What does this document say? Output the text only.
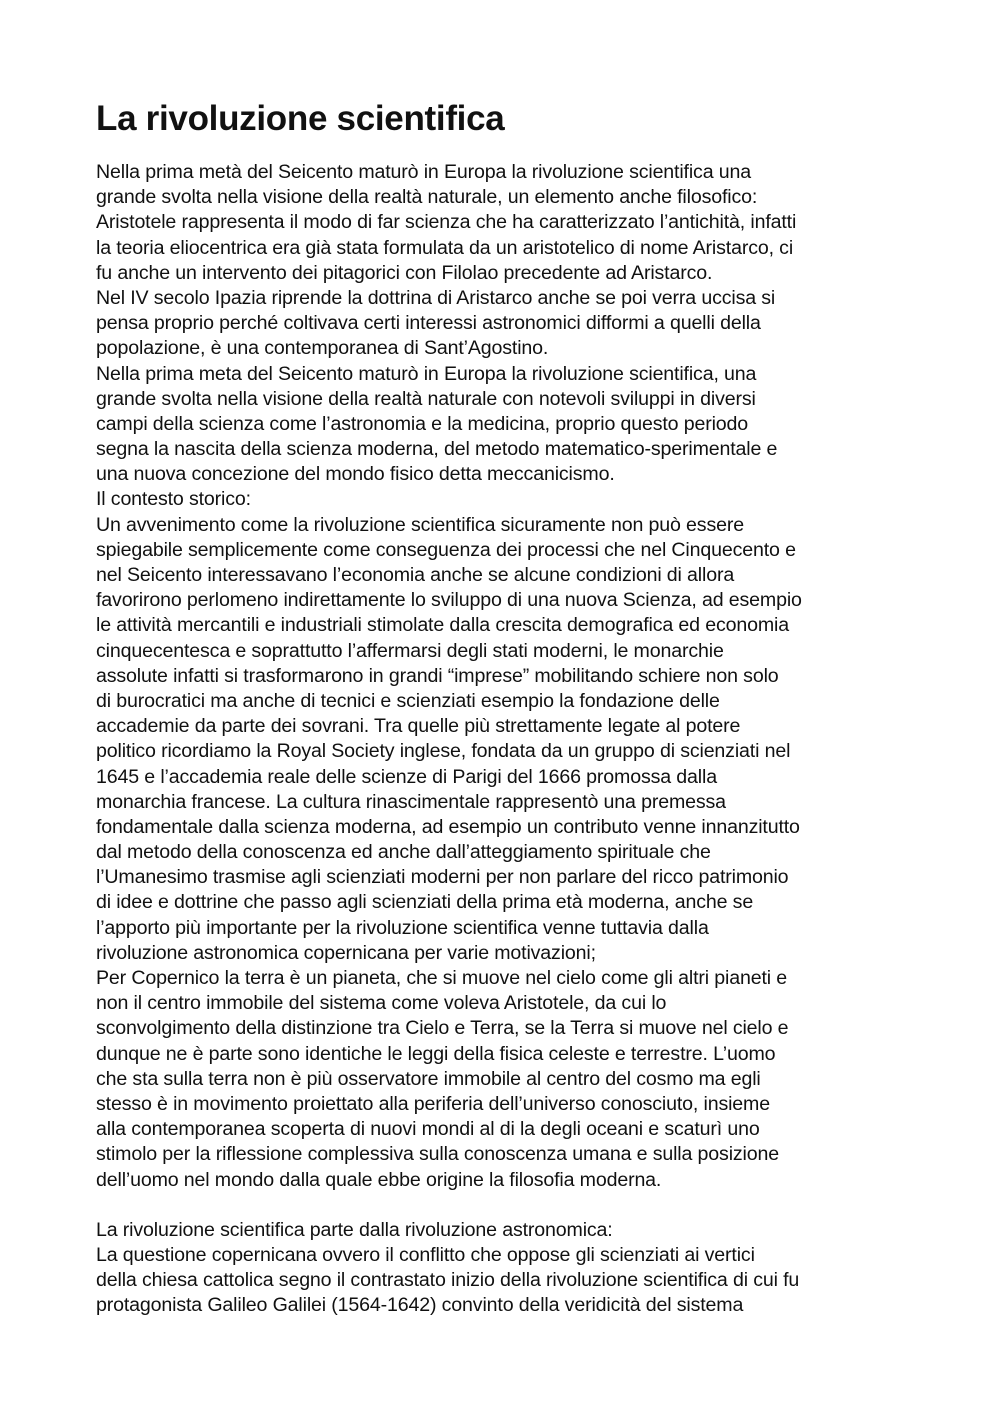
La rivoluzione scientifica
Nella prima metà del Seicento maturò in Europa la rivoluzione scientifica una
grande svolta nella visione della realtà naturale, un elemento anche filosofico:
Aristotele rappresenta il modo di far scienza che ha caratterizzato l’antichità, infatti
la teoria eliocentrica era già stata formulata da un aristotelico di nome Aristarco, ci
fu anche un intervento dei pitagorici con Filolao precedente ad Aristarco.
Nel IV secolo Ipazia riprende la dottrina di Aristarco anche se poi verra uccisa si
pensa proprio perché coltivava certi interessi astronomici difformi a quelli della
popolazione, è una contemporanea di Sant’Agostino.
Nella prima meta del Seicento maturò in Europa la rivoluzione scientifica, una
grande svolta nella visione della realtà naturale con notevoli sviluppi in diversi
campi della scienza come l’astronomia e la medicina, proprio questo periodo
segna la nascita della scienza moderna, del metodo matematico-sperimentale e
una nuova concezione del mondo fisico detta meccanicismo.
Il contesto storico:
Un avvenimento come la rivoluzione scientifica sicuramente non può essere
spiegabile semplicemente come conseguenza dei processi che nel Cinquecento e
nel Seicento interessavano l’economia anche se alcune condizioni di allora
favorirono perlomeno indirettamente lo sviluppo di una nuova Scienza, ad esempio
le attività mercantili e industriali stimolate dalla crescita demografica ed economia
cinquecentesca e soprattutto l’affermarsi degli stati moderni, le monarchie
assolute infatti si trasformarono in grandi “imprese” mobilitando schiere non solo
di burocratici ma anche di tecnici e scienziati esempio la fondazione delle
accademie da parte dei sovrani. Tra quelle più strettamente legate al potere
politico ricordiamo la Royal Society inglese, fondata da un gruppo di scienziati nel
1645 e l’accademia reale delle scienze di Parigi del 1666 promossa dalla
monarchia francese. La cultura rinascimentale rappresentò una premessa
fondamentale dalla scienza moderna, ad esempio un contributo venne innanzitutto
dal metodo della conoscenza ed anche dall’atteggiamento spirituale che
l’Umanesimo trasmise agli scienziati moderni per non parlare del ricco patrimonio
di idee e dottrine che passo agli scienziati della prima età moderna, anche se
l’apporto più importante per la rivoluzione scientifica venne tuttavia dalla
rivoluzione astronomica copernicana per varie motivazioni;
Per Copernico la terra è un pianeta, che si muove nel cielo come gli altri pianeti e
non il centro immobile del sistema come voleva Aristotele, da cui lo
sconvolgimento della distinzione tra Cielo e Terra, se la Terra si muove nel cielo e
dunque ne è parte sono identiche le leggi della fisica celeste e terrestre. L’uomo
che sta sulla terra non è più osservatore immobile al centro del cosmo ma egli
stesso è in movimento proiettato alla periferia dell’universo conosciuto, insieme
alla contemporanea scoperta di nuovi mondi al di la degli oceani e scaturì uno
stimolo per la riflessione complessiva sulla conoscenza umana e sulla posizione
dell’uomo nel mondo dalla quale ebbe origine la filosofia moderna.
La rivoluzione scientifica parte dalla rivoluzione astronomica:
La questione copernicana ovvero il conflitto che oppose gli scienziati ai vertici
della chiesa cattolica segno il contrastato inizio della rivoluzione scientifica di cui fu
protagonista Galileo Galilei (1564-1642) convinto della veridicità del sistema
